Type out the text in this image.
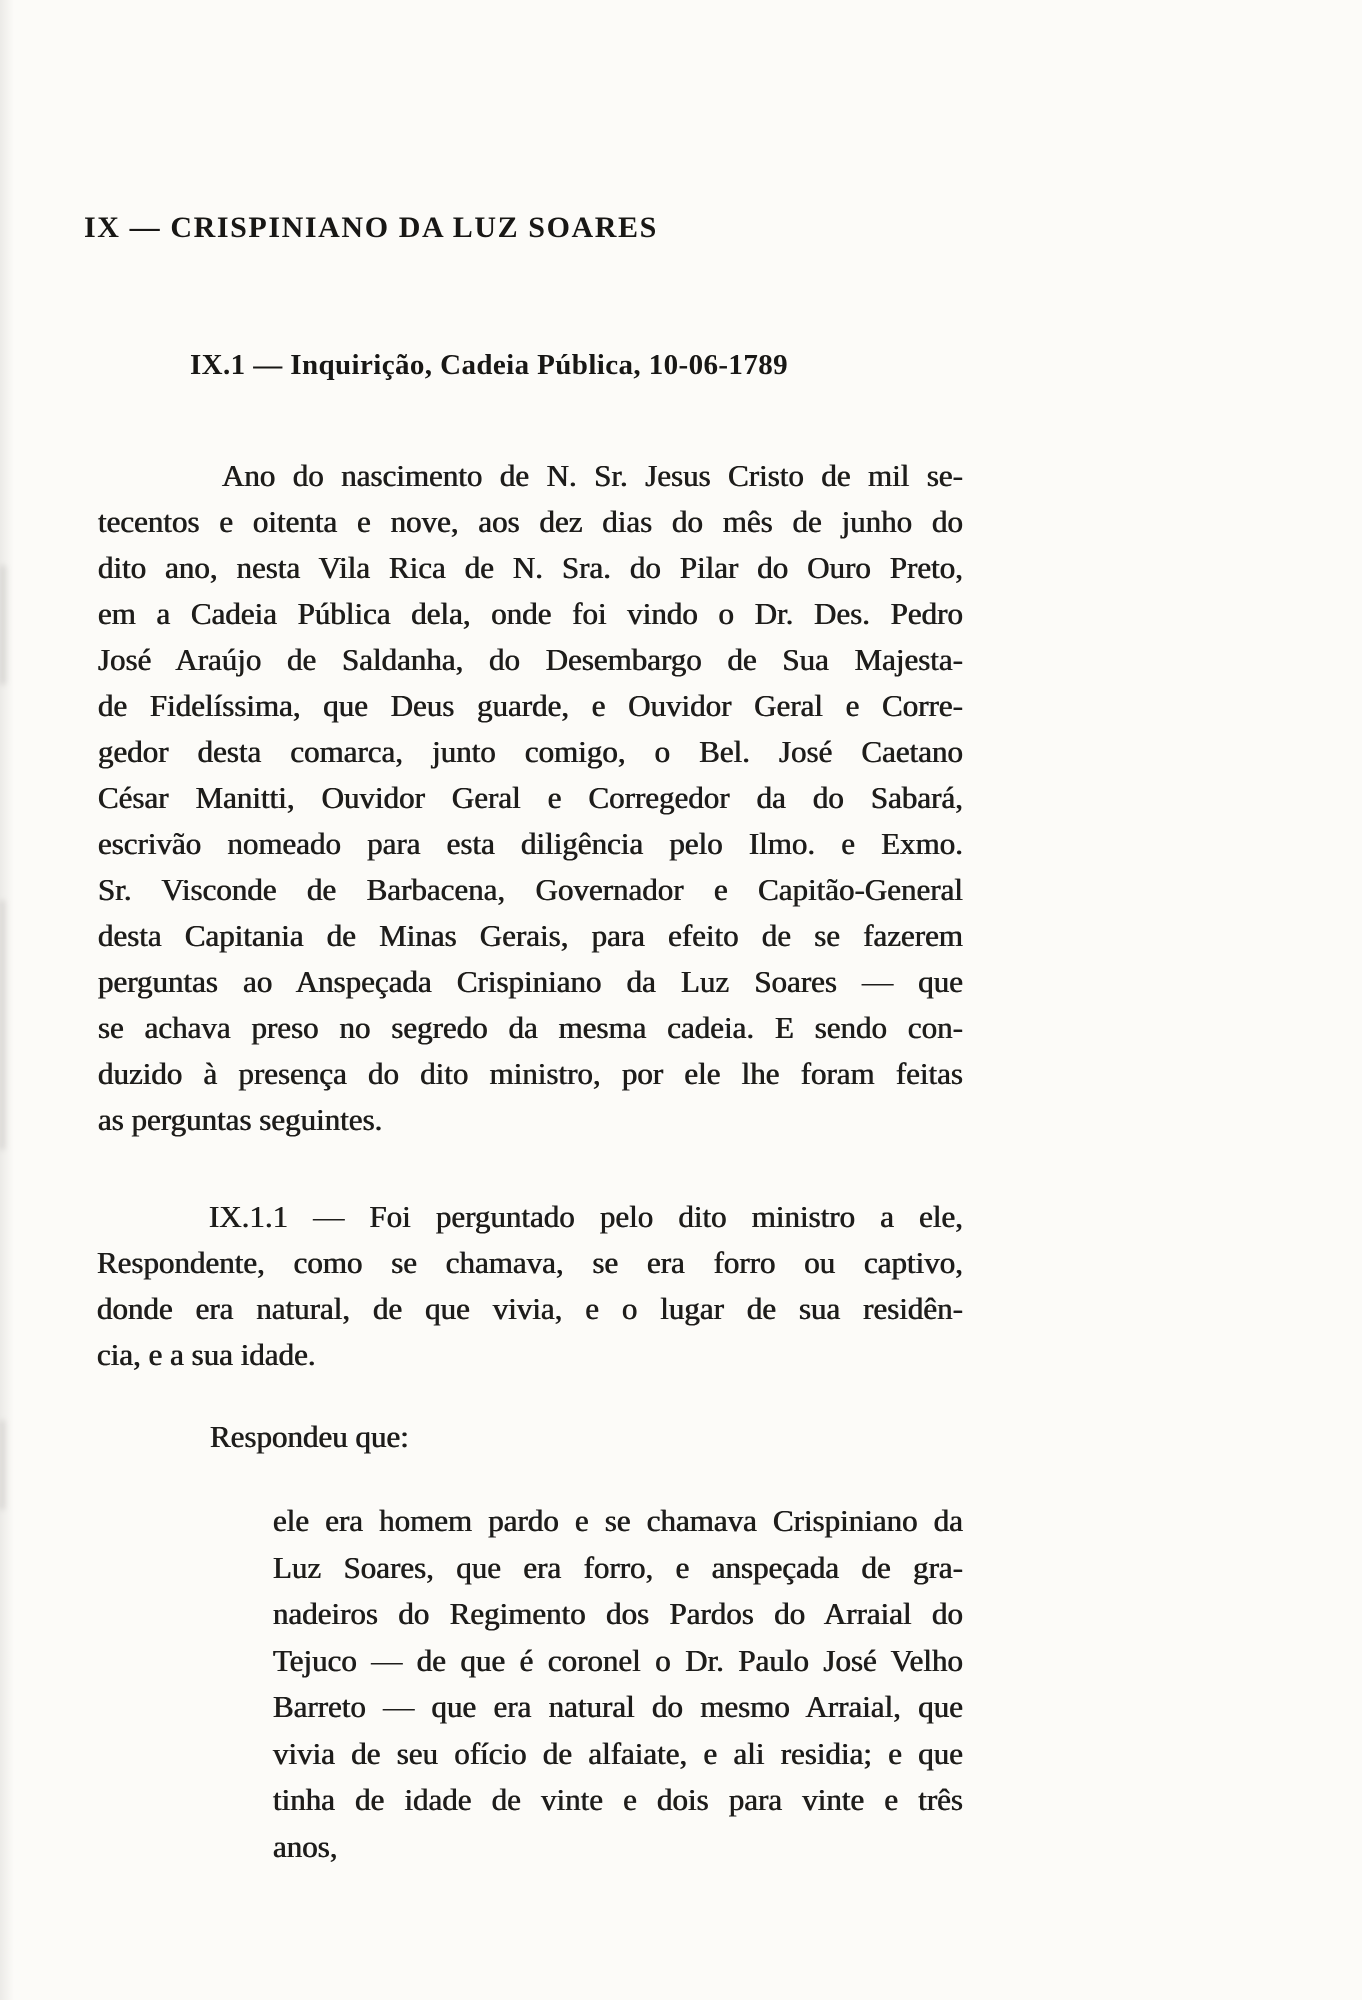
IX — CRISPINIANO DA LUZ SOARES
IX.1 — Inquirição, Cadeia Pública, 10-06-1789
Ano do nascimento de N. Sr. Jesus Cristo de mil se-
tecentos e oitenta e nove, aos dez dias do mês de junho do
dito ano, nesta Vila Rica de N. Sra. do Pilar do Ouro Preto,
em a Cadeia Pública dela, onde foi vindo o Dr. Des. Pedro
José Araújo de Saldanha, do Desembargo de Sua Majesta-
de Fidelíssima, que Deus guarde, e Ouvidor Geral e Corre-
gedor desta comarca, junto comigo, o Bel. José Caetano
César Manitti, Ouvidor Geral e Corregedor da do Sabará,
escrivão nomeado para esta diligência pelo Ilmo. e Exmo.
Sr. Visconde de Barbacena, Governador e Capitão-General
desta Capitania de Minas Gerais, para efeito de se fazerem
perguntas ao Anspeçada Crispiniano da Luz Soares — que
se achava preso no segredo da mesma cadeia. E sendo con-
duzido à presença do dito ministro, por ele lhe foram feitas
as perguntas seguintes.
IX.1.1 — Foi perguntado pelo dito ministro a ele,
Respondente, como se chamava, se era forro ou captivo,
donde era natural, de que vivia, e o lugar de sua residên-
cia, e a sua idade.
Respondeu que:
ele era homem pardo e se chamava Crispiniano da
Luz Soares, que era forro, e anspeçada de gra-
nadeiros do Regimento dos Pardos do Arraial do
Tejuco — de que é coronel o Dr. Paulo José Velho
Barreto — que era natural do mesmo Arraial, que
vivia de seu ofício de alfaiate, e ali residia; e que
tinha de idade de vinte e dois para vinte e três
anos,
